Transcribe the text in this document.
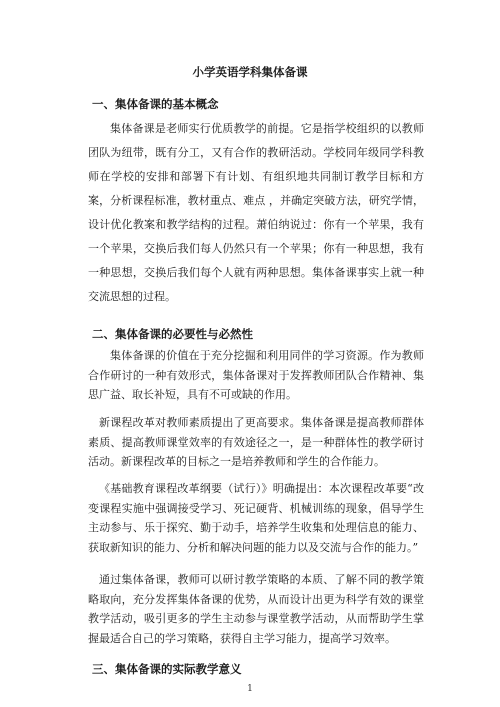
小学英语学科集体备课
一、集体备课的基本概念

集体备课是老师实行优质教学的前提。它是指学校组织的以教师团队为纽带，既有分工，又有合作的教研活动。学校同年级同学科教师在学校的安排和部署下有计划、有组织地共同制订教学目标和方案，分析课程标准，教材重点、难点 ，并确定突破方法，研究学情，设计优化教案和教学结构的过程。萧伯纳说过：你有一个苹果，我有一个苹果，交换后我们每人仍然只有一个苹果；你有一种思想，我有一种思想，交换后我们每个人就有两种思想。集体备课事实上就一种交流思想的过程。

二、集体备课的必要性与必然性

集体备课的价值在于充分挖掘和利用同伴的学习资源。作为教师合作研讨的一种有效形式，集体备课对于发挥教师团队合作精神、集思广益、取长补短，具有不可或缺的作用。

新课程改革对教师素质提出了更高要求。集体备课是提高教师群体素质、提高教师课堂效率的有效途径之一，是一种群体性的教学研讨活动。新课程改革的目标之一是培养教师和学生的合作能力。

《基础教育课程改革纲要（试行）》明确提出：本次课程改革要“改变课程实施中强调接受学习、死记硬背、机械训练的现象，倡导学生主动参与、乐于探究、勤于动手，培养学生收集和处理信息的能力、获取新知识的能力、分析和解决问题的能力以及交流与合作的能力。”

通过集体备课，教师可以研讨教学策略的本质、了解不同的教学策略取向，充分发挥集体备课的优势，从而设计出更为科学有效的课堂教学活动，吸引更多的学生主动参与课堂教学活动，从而帮助学生掌握最适合自己的学习策略，获得自主学习能力，提高学习效率。

三、集体备课的实际教学意义
1
